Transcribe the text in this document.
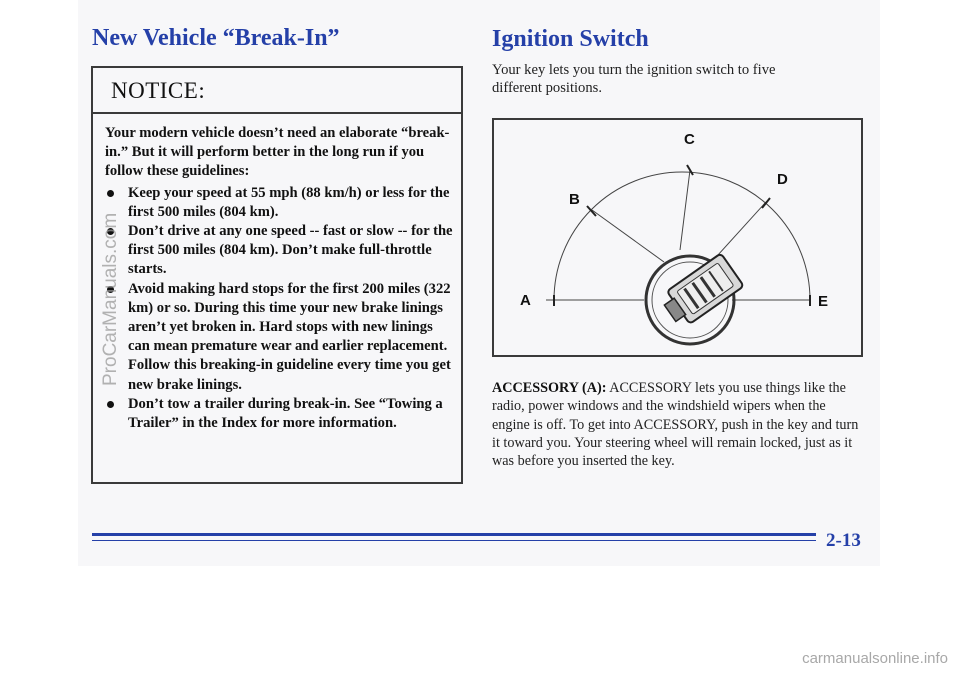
New Vehicle “Break-In”
NOTICE:

Your modern vehicle doesn’t need an elaborate “break-in.” But it will perform better in the long run if you follow these guidelines:

Keep your speed at 55 mph (88 km/h) or less for the first 500 miles (804 km).
Don’t drive at any one speed -- fast or slow -- for the first 500 miles (804 km). Don’t make full-throttle starts.
Avoid making hard stops for the first 200 miles (322 km) or so. During this time your new brake linings aren’t yet broken in. Hard stops with new linings can mean premature wear and earlier replacement. Follow this breaking-in guideline every time you get new brake linings.
Don’t tow a trailer during break-in. See “Towing a Trailer” in the Index for more information.
Ignition Switch

Your key lets you turn the ignition switch to five different positions.

A
B
C
D
E

ACCESSORY (A): ACCESSORY lets you use things like the radio, power windows and the windshield wipers when the engine is off. To get into ACCESSORY, push in the key and turn it toward you. Your steering wheel will remain locked, just as it was before you inserted the key.

2-13
ProCarManuals.com
carmanualsonline.info
